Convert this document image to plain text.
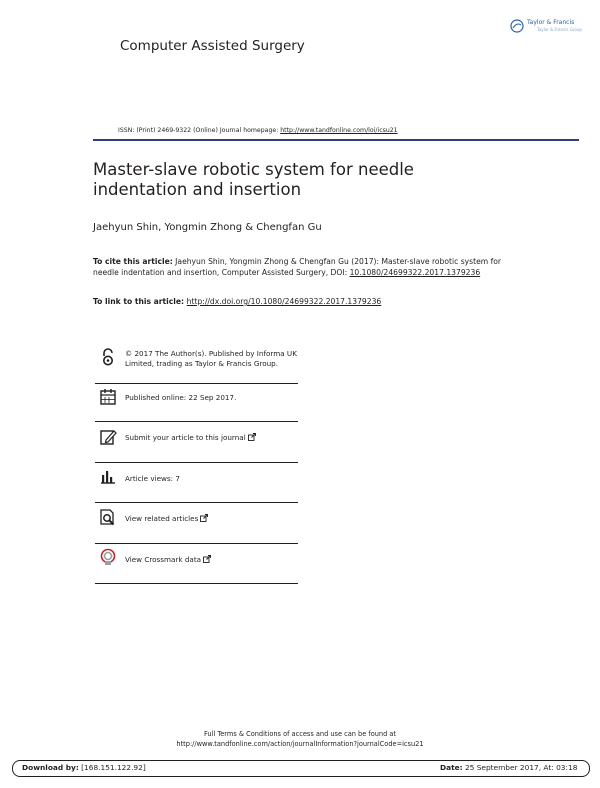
Computer Assisted Surgery
Taylor & Francis
Taylor & Francis Group
ISSN: (Print) 2469-9322 (Online) Journal homepage: http://www.tandfonline.com/loi/icsu21
Master-slave robotic system for needle
indentation and insertion
Jaehyun Shin, Yongmin Zhong & Chengfan Gu
To cite this article: Jaehyun Shin, Yongmin Zhong & Chengfan Gu (2017): Master-slave robotic system for needle indentation and insertion, Computer Assisted Surgery, DOI: 10.1080/24699322.2017.1379236
To link to this article: http://dx.doi.org/10.1080/24699322.2017.1379236
© 2017 The Author(s). Published by Informa UK Limited, trading as Taylor & Francis Group.
Published online: 22 Sep 2017.
Submit your article to this journal
Article views: 7
View related articles
View Crossmark data
Full Terms & Conditions of access and use can be found at
http://www.tandfonline.com/action/journalInformation?journalCode=icsu21
Download by: [168.151.122.92]	Date: 25 September 2017, At: 03:18
